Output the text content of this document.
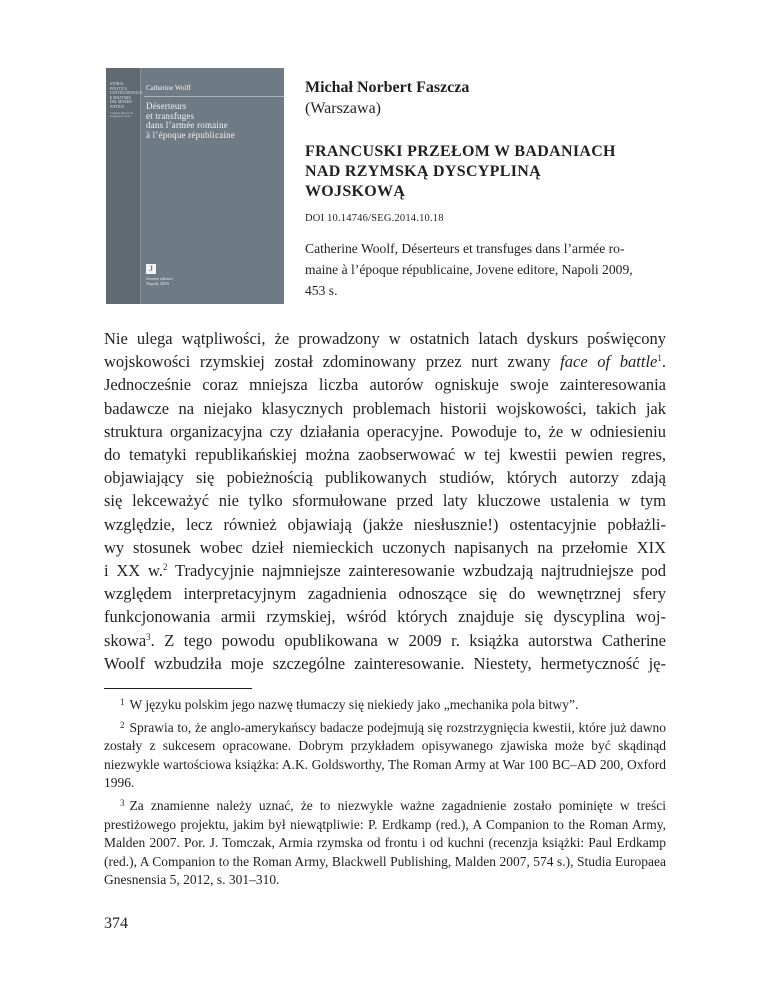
STORIA POLITICA COSTITUZIONALE E MILITARE DEL MONDO ANTICO
Collana diretta da Gianpaolo Urso
Catherine Wolff
Déserteurs
et transfuges
dans l’armée romaine
à l’époque républicaine
J
Jovene editore
Napoli 2009

Michał Norbert Faszcza

(Warszawa)
FRANCUSKI PRZEŁOM W BADANIACH
NAD RZYMSKĄ DYSCYPLINĄ
WOJSKOWĄ
DOI 10.14746/SEG.2014.10.18
Catherine Woolf, Déserteurs et transfuges dans l’armée ro-
maine à l’époque républicaine, Jovene editore, Napoli 2009,
453 s.
Nie ulega wątpliwości, że prowadzony w ostatnich latach dyskurs poświęcony
wojskowości rzymskiej został zdominowany przez nurt zwany face of battle$^1$.
Jednocześnie coraz mniejsza liczba autorów ogniskuje swoje zainteresowania
badawcze na niejako klasycznych problemach historii wojskowości, takich jak
struktura organizacyjna czy działania operacyjne. Powoduje to, że w odniesieniu
do tematyki republikańskiej można zaobserwować w tej kwestii pewien regres,
objawiający się pobieżnością publikowanych studiów, których autorzy zdają
się lekceważyć nie tylko sformułowane przed laty kluczowe ustalenia w tym
względzie, lecz również objawiają (jakże niesłusznie!) ostentacyjnie pobłażli-
wy stosunek wobec dzieł niemieckich uczonych napisanych na przełomie XIX
i XX w.$^2$ Tradycyjnie najmniejsze zainteresowanie wzbudzają najtrudniejsze pod
względem interpretacyjnym zagadnienia odnoszące się do wewnętrznej sfery
funkcjonowania armii rzymskiej, wśród których znajduje się dyscyplina woj-
skowa$^3$. Z tego powodu opublikowana w 2009 r. książka autorstwa Catherine
Woolf wzbudziła moje szczególne zainteresowanie. Niestety, hermetyczność ję-
$^1$ W języku polskim jego nazwę tłumaczy się niekiedy jako „mechanika pola bitwy”.
$^2$ Sprawia to, że anglo-amerykańscy badacze podejmują się rozstrzygnięcia kwestii, które już dawno zostały z sukcesem opracowane. Dobrym przykładem opisywanego zjawiska może być skądinąd niezwykle wartościowa książka: A.K. Goldsworthy, The Roman Army at War 100 BC–AD 200, Oxford 1996.
$^3$ Za znamienne należy uznać, że to niezwykle ważne zagadnienie zostało pominięte w treści prestiżowego projektu, jakim był niewątpliwie: P. Erdkamp (red.), A Companion to the Roman Army, Malden 2007. Por. J. Tomczak, Armia rzymska od frontu i od kuchni (recenzja książki: Paul Erdkamp (red.), A Companion to the Roman Army, Blackwell Publishing, Malden 2007, 574 s.), Studia Europaea Gnesnensia 5, 2012, s. 301–310.
374
